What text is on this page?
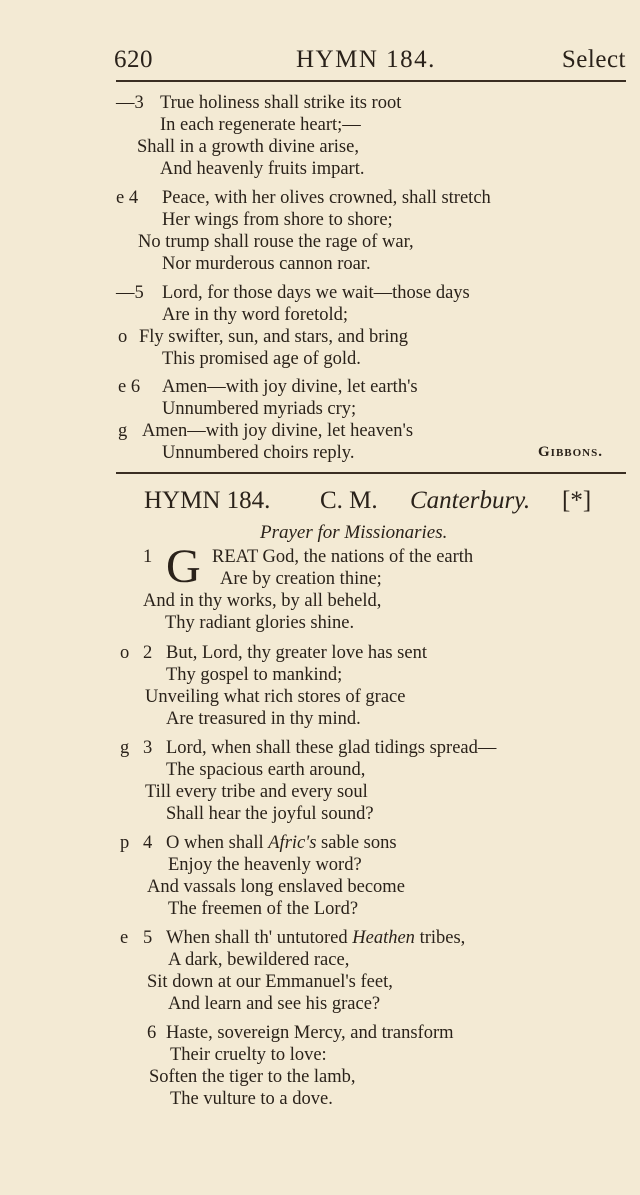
620	HYMN 184.	Select
—3 True holiness shall strike its root
In each regenerate heart;—
Shall in a growth divine arise,
And heavenly fruits impart.
e 4 Peace, with her olives crowned, shall stretch
Her wings from shore to shore;
No trump shall rouse the rage of war,
Nor murderous cannon roar.
—5 Lord, for those days we wait—those days
Are in thy word foretold;
o Fly swifter, sun, and stars, and bring
This promised age of gold.
e 6 Amen—with joy divine, let earth's
Unnumbered myriads cry;
g Amen—with joy divine, let heaven's
Unnumbered choirs reply.	Gibbons.
HYMN 184. C. M. Canterbury. [*]
Prayer for Missionaries.
1 G REAT God, the nations of the earth
Are by creation thine;
And in thy works, by all beheld,
Thy radiant glories shine.
o 2 But, Lord, thy greater love has sent
Thy gospel to mankind;
Unveiling what rich stores of grace
Are treasured in thy mind.
g 3 Lord, when shall these glad tidings spread—
The spacious earth around,
Till every tribe and every soul
Shall hear the joyful sound?
p 4 O when shall Afric's sable sons
Enjoy the heavenly word?
And vassals long enslaved become
The freemen of the Lord?
e 5 When shall th' untutored Heathen tribes,
A dark, bewildered race,
Sit down at our Emmanuel's feet,
And learn and see his grace?
6 Haste, sovereign Mercy, and transform
Their cruelty to love:
Soften the tiger to the lamb,
The vulture to a dove.
